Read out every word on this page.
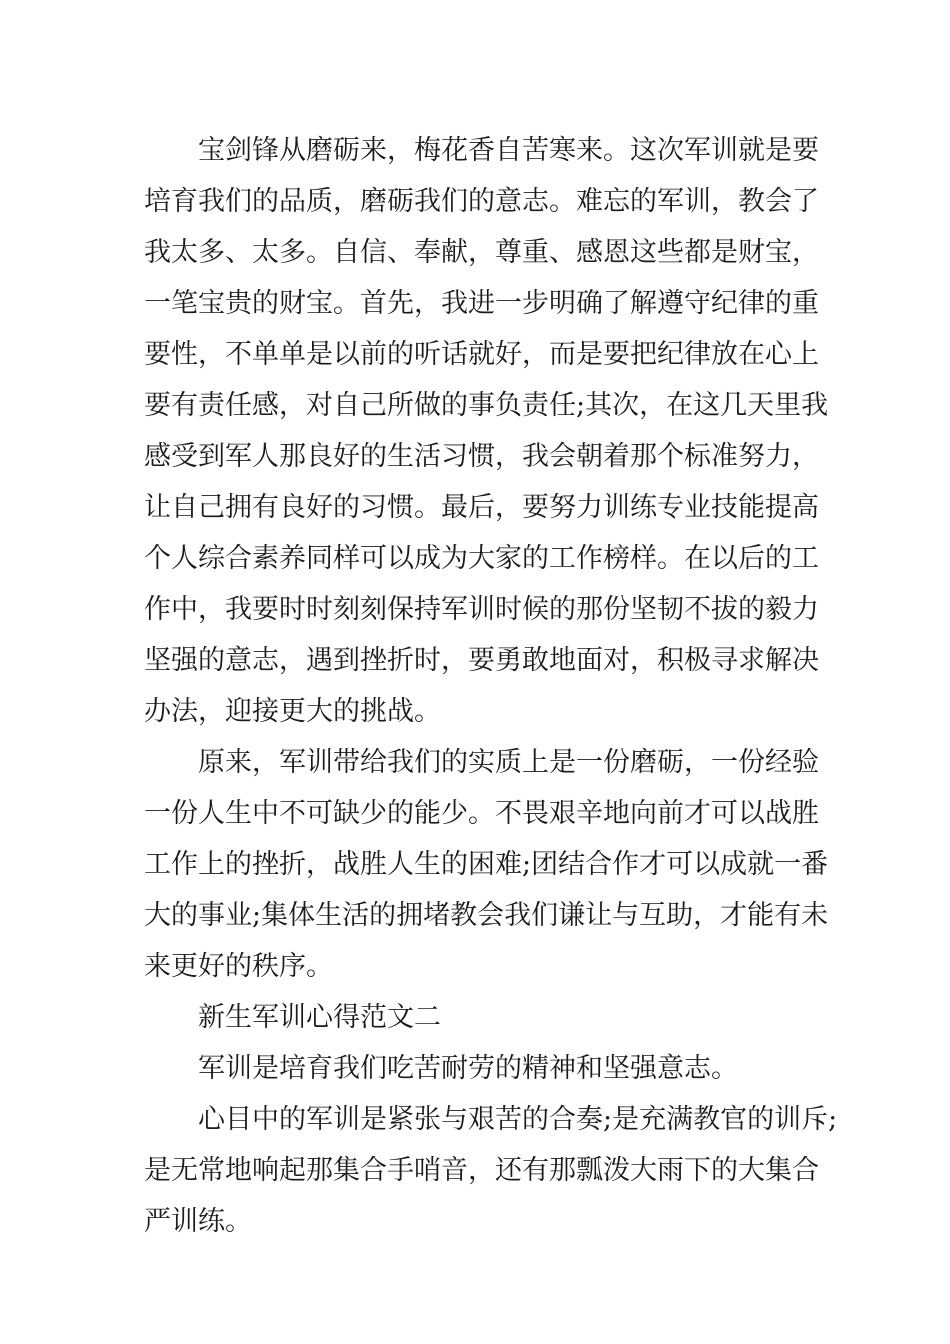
宝剑锋从磨砺来，梅花香自苦寒来。这次军训就是要
培育我们的品质，磨砺我们的意志。难忘的军训，教会了
我太多、太多。自信、奉献，尊重、感恩这些都是财宝，
一笔宝贵的财宝。首先，我进一步明确了解遵守纪律的重
要性，不单单是以前的听话就好，而是要把纪律放在心上
要有责任感，对自己所做的事负责任;其次，在这几天里我
感受到军人那良好的生活习惯，我会朝着那个标准努力，
让自己拥有良好的习惯。最后，要努力训练专业技能提高
个人综合素养同样可以成为大家的工作榜样。在以后的工
作中，我要时时刻刻保持军训时候的那份坚韧不拔的毅力
坚强的意志，遇到挫折时，要勇敢地面对，积极寻求解决
办法，迎接更大的挑战。
原来，军训带给我们的实质上是一份磨砺，一份经验
一份人生中不可缺少的能少。不畏艰辛地向前才可以战胜
工作上的挫折，战胜人生的困难;团结合作才可以成就一番
大的事业;集体生活的拥堵教会我们谦让与互助，才能有未
来更好的秩序。
新生军训心得范文二
军训是培育我们吃苦耐劳的精神和坚强意志。
心目中的军训是紧张与艰苦的合奏;是充满教官的训斥;
是无常地响起那集合手哨音，还有那瓢泼大雨下的大集合
严训练。
